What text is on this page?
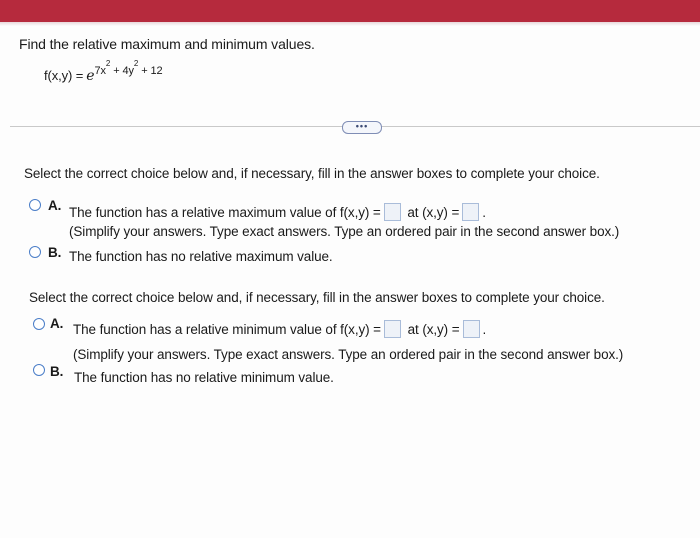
Find the relative maximum and minimum values.
$f(x,y) = e^{7x^2 + 4y^2 + 12}$
•••
Select the correct choice below and, if necessary, fill in the answer boxes to complete your choice.
A. The function has a relative maximum value of f(x,y) = at (x,y) = .
(Simplify your answers. Type exact answers. Type an ordered pair in the second answer box.)
B. The function has no relative maximum value.
Select the correct choice below and, if necessary, fill in the answer boxes to complete your choice.
A. The function has a relative minimum value of f(x,y) = at (x,y) = .
(Simplify your answers. Type exact answers. Type an ordered pair in the second answer box.)
B. The function has no relative minimum value.
